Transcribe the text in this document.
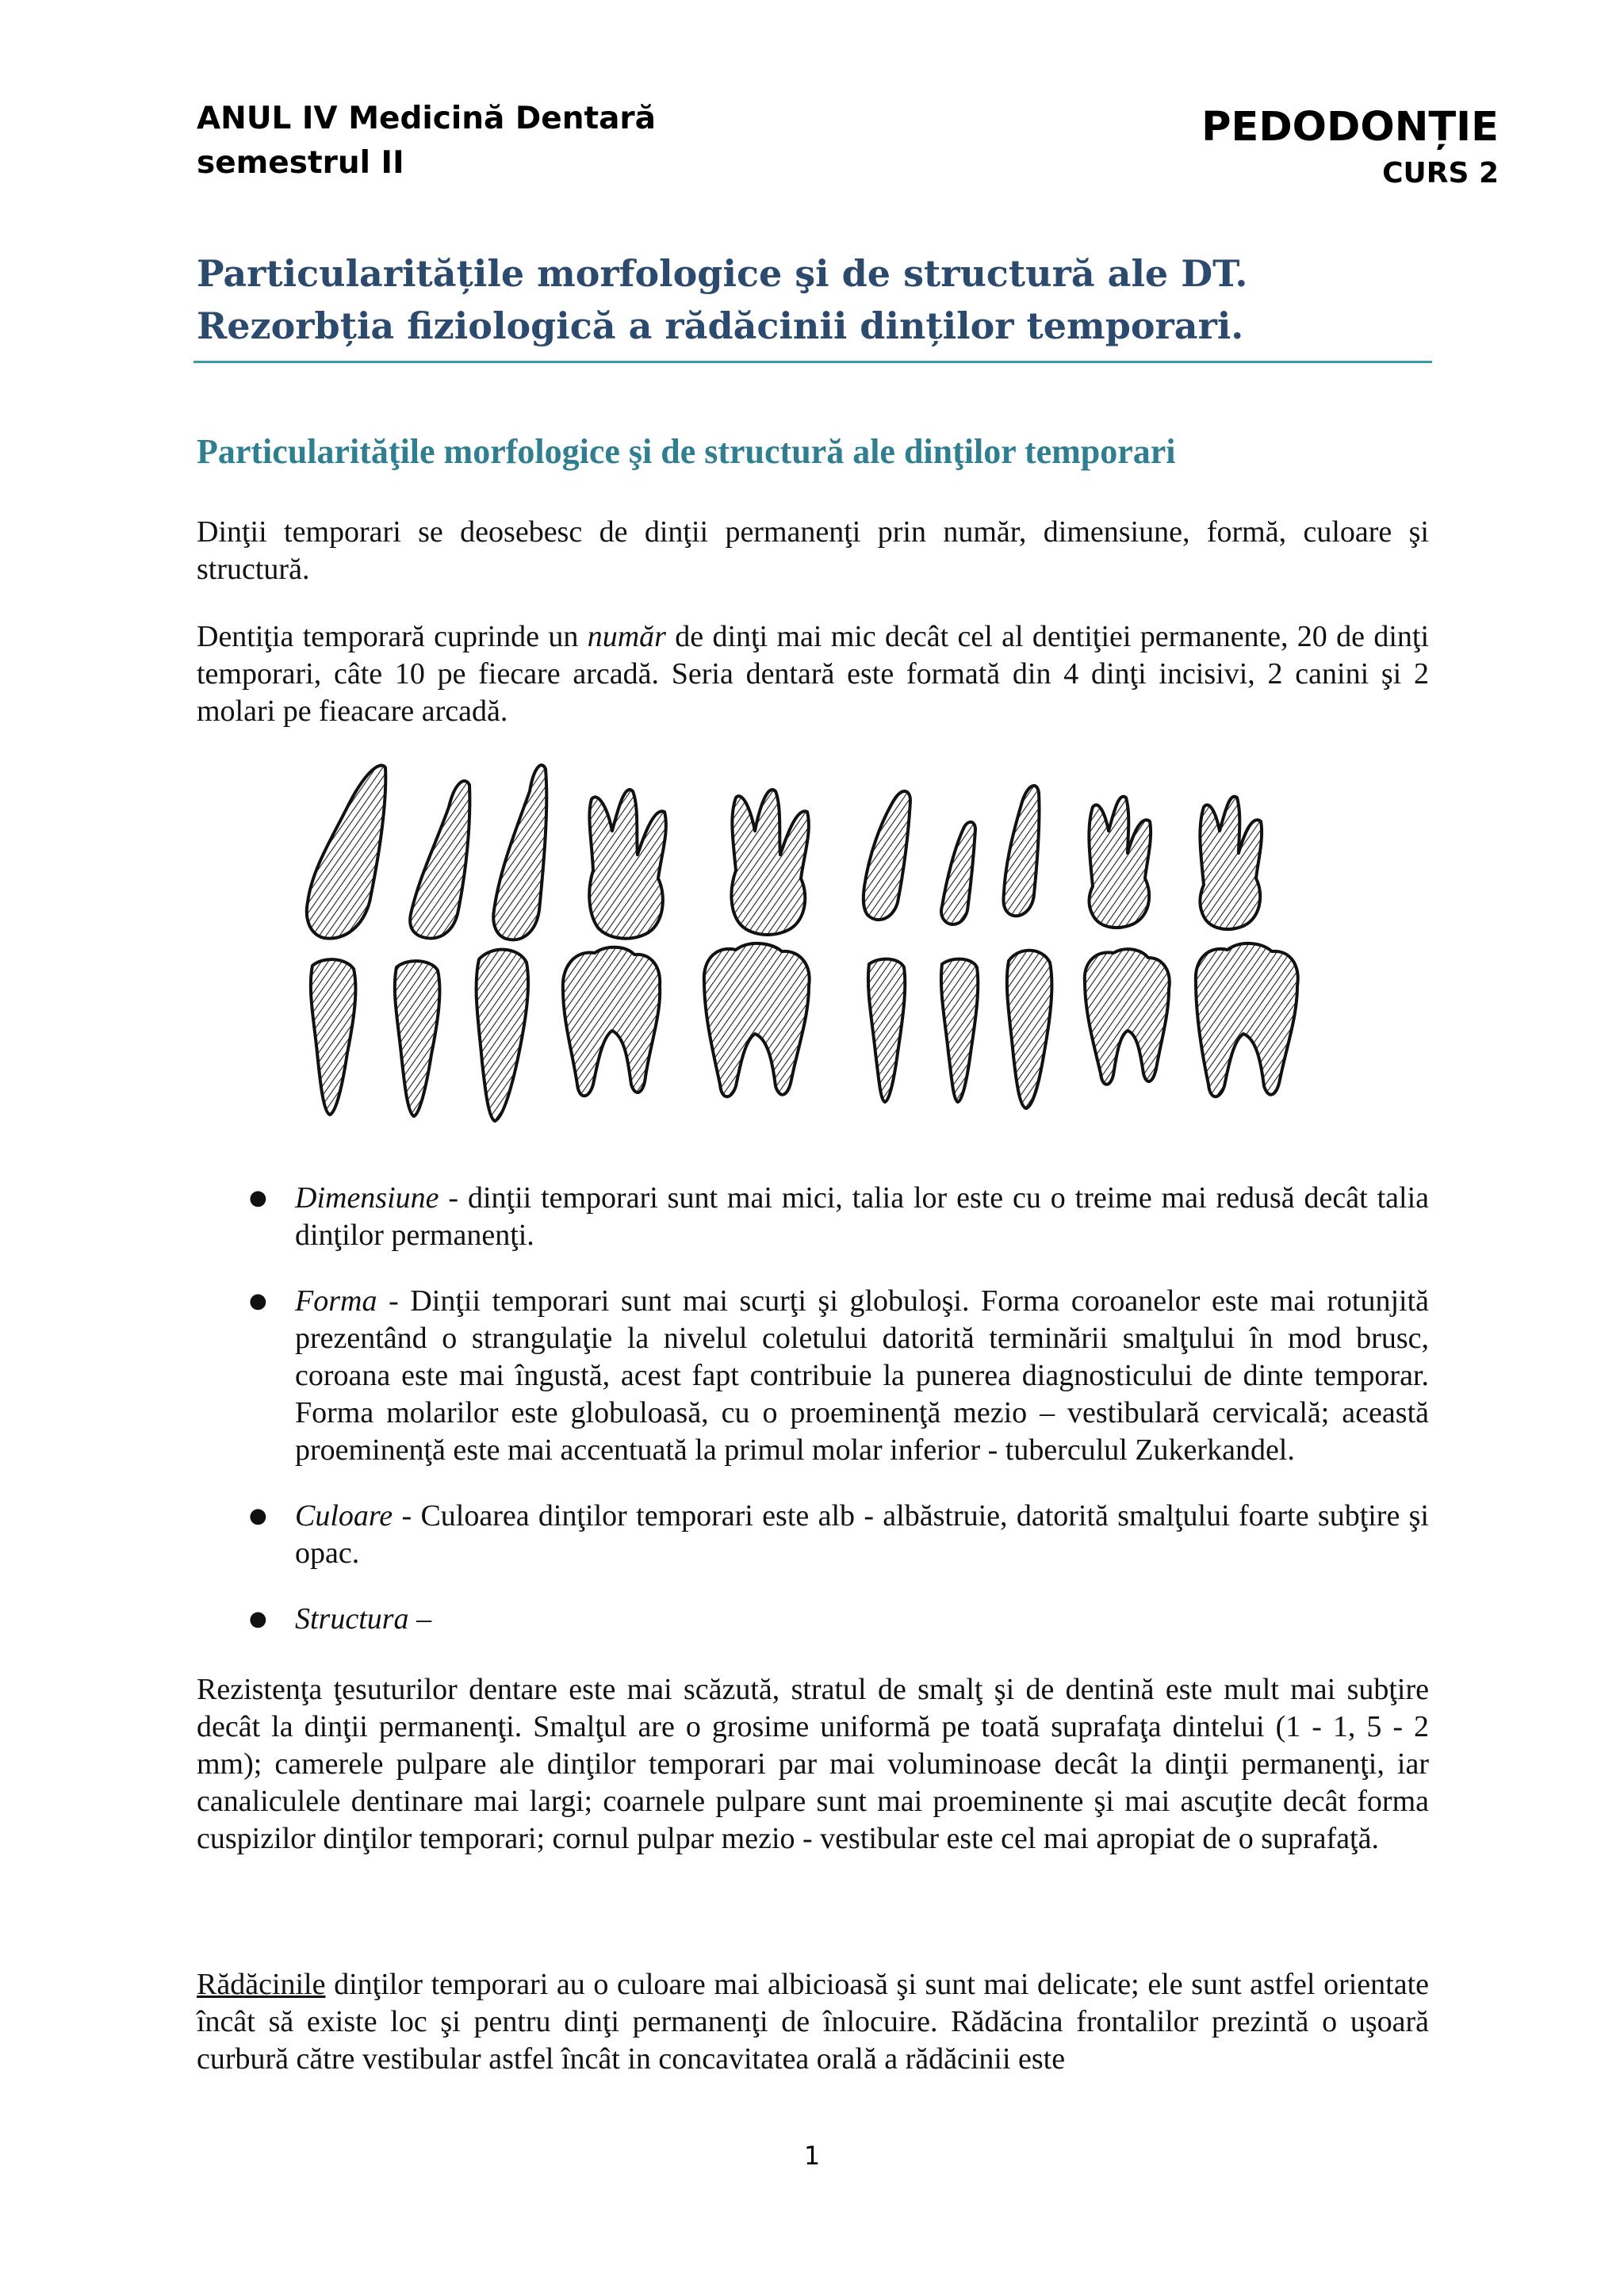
ANUL IV Medicină Dentară
semestrul II
PEDODONȚIE
CURS 2
Particularitățile morfologice şi de structură ale DT.
Rezorbția fiziologică a rădăcinii dinților temporari.
Particularităţile morfologice şi de structură ale dinţilor temporari

Dinţii temporari se deosebesc de dinţii permanenţi prin număr, dimensiune, formă, culoare şi structură.

Dentiţia temporară cuprinde un număr de dinţi mai mic decât cel al dentiţiei permanente, 20 de dinţi temporari, câte 10 pe fiecare arcadă. Seria dentară este formată din 4 dinţi incisivi, 2 canini şi 2 molari pe fieacare arcadă.

● Dimensiune - dinţii temporari sunt mai mici, talia lor este cu o treime mai redusă decât talia dinţilor permanenţi.
● Forma - Dinţii temporari sunt mai scurţi şi globuloşi. Forma coroanelor este mai rotunjită prezentând o strangulaţie la nivelul coletului datorită terminării smalţului în mod brusc, coroana este mai îngustă, acest fapt contribuie la punerea diagnosticului de dinte temporar. Forma molarilor este globuloasă, cu o proeminenţă mezio – vestibulară cervicală; această proeminenţă este mai accentuată la primul molar inferior - tuberculul Zukerkandel.
● Culoare - Culoarea dinţilor temporari este alb - albăstruie, datorită smalţului foarte subţire şi opac.
● Structura –

Rezistenţa ţesuturilor dentare este mai scăzută, stratul de smalţ şi de dentină este mult mai subţire decât la dinţii permanenţi. Smalţul are o grosime uniformă pe toată suprafaţa dintelui (1 - 1, 5 - 2 mm); camerele pulpare ale dinţilor temporari par mai voluminoase decât la dinţii permanenţi, iar canaliculele dentinare mai largi; coarnele pulpare sunt mai proeminente şi mai ascuţite decât forma cuspizilor dinţilor temporari; cornul pulpar mezio - vestibular este cel mai apropiat de o suprafaţă.

Rădăcinile dinţilor temporari au o culoare mai albicioasă şi sunt mai delicate; ele sunt astfel orientate încât să existe loc şi pentru dinţi permanenţi de înlocuire. Rădăcina frontalilor prezintă o uşoară curbură către vestibular astfel încât in concavitatea orală a rădăcinii este

1
